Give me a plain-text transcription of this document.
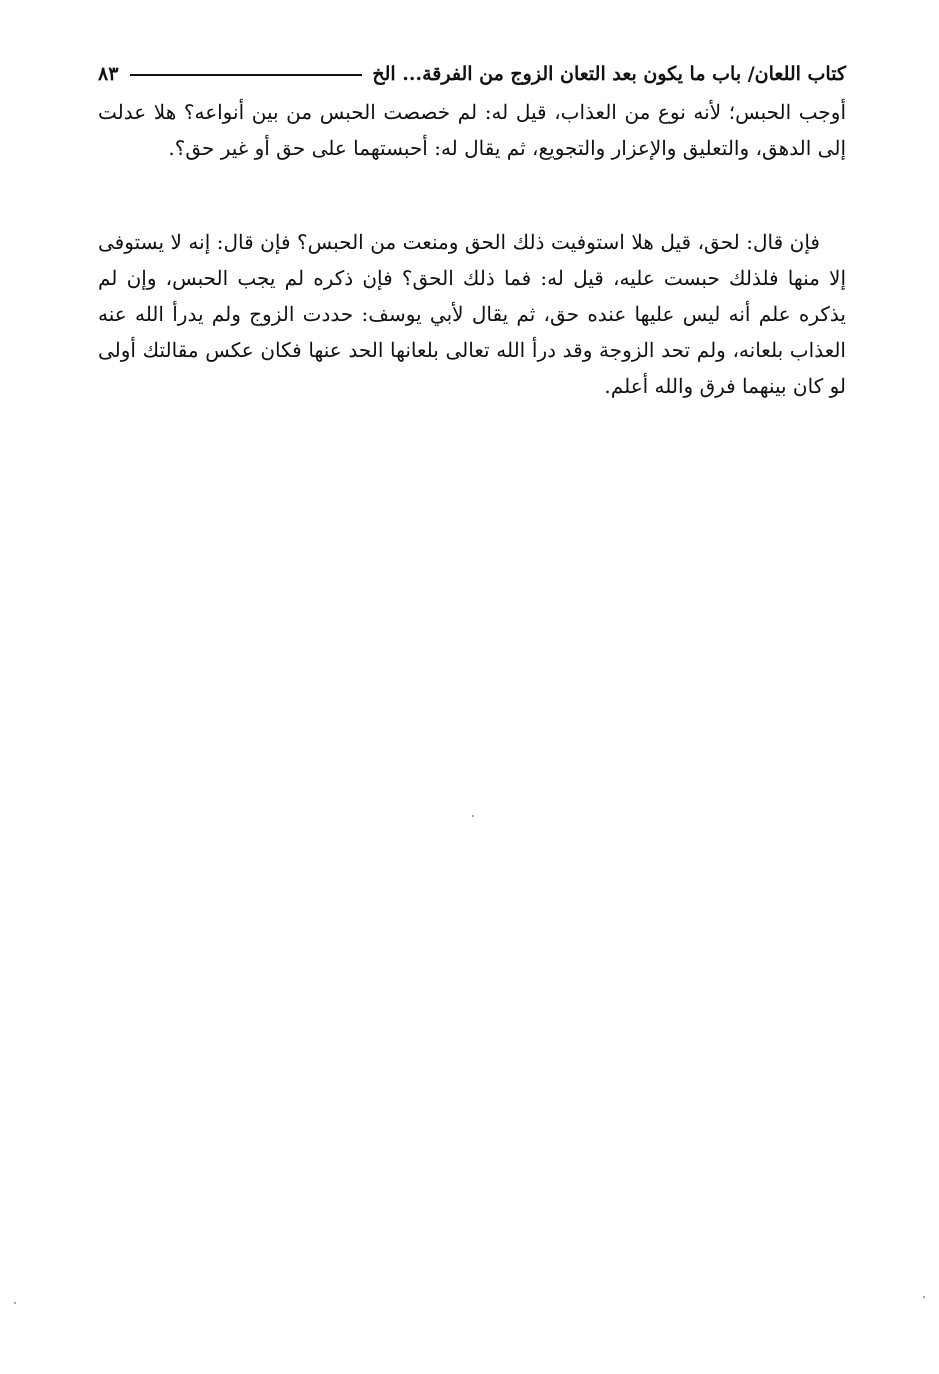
كتاب اللعان/ باب ما يكون بعد التعان الزوج من الفرقة... الخ
٨٣

أوجب الحبس؛ لأنه نوع من العذاب، قيل له: لم خصصت الحبس من بين أنواعه؟ هلا عدلت إلى الدهق، والتعليق والإعزار والتجويع، ثم يقال له: أحبستهما على حق أو غير حق؟.

فإن قال: لحق، قيل هلا استوفيت ذلك الحق ومنعت من الحبس؟ فإن قال: إنه لا يستوفى إلا منها فلذلك حبست عليه، قيل له: فما ذلك الحق؟ فإن ذكره لم يجب الحبس، وإن لم يذكره علم أنه ليس عليها عنده حق، ثم يقال لأبي يوسف: حددت الزوج ولم يدرأ الله عنه العذاب بلعانه، ولم تحد الزوجة وقد درأ الله تعالى بلعانها الحد عنها فكان عكس مقالتك أولى لو كان بينهما فرق والله أعلم.
